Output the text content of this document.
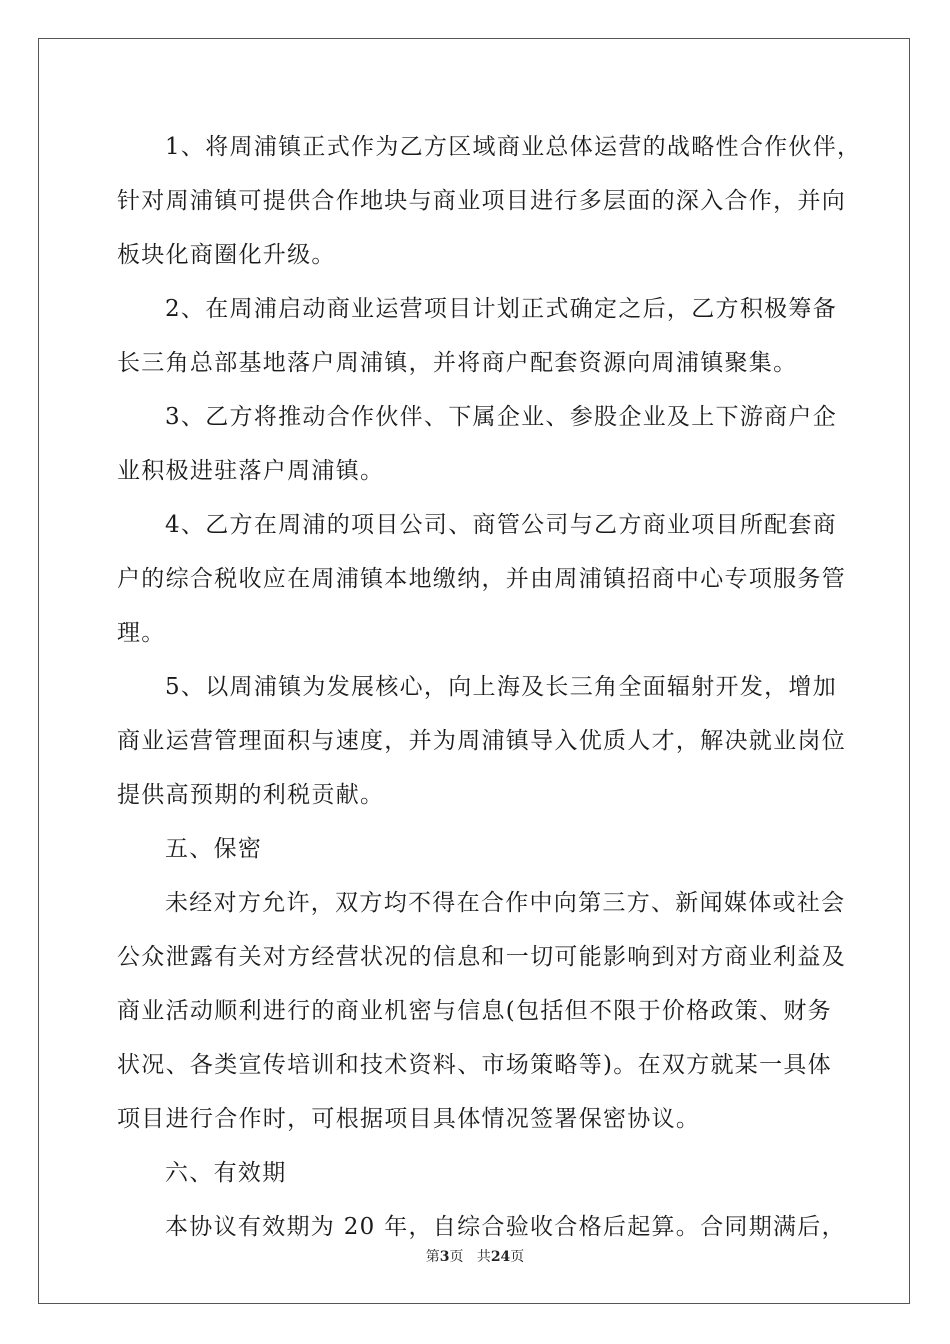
1、将周浦镇正式作为乙方区域商业总体运营的战略性合作伙伴，
针对周浦镇可提供合作地块与商业项目进行多层面的深入合作，并向
板块化商圈化升级。

2、在周浦启动商业运营项目计划正式确定之后，乙方积极筹备
长三角总部基地落户周浦镇，并将商户配套资源向周浦镇聚集。

3、乙方将推动合作伙伴、下属企业、参股企业及上下游商户企
业积极进驻落户周浦镇。

4、乙方在周浦的项目公司、商管公司与乙方商业项目所配套商
户的综合税收应在周浦镇本地缴纳，并由周浦镇招商中心专项服务管
理。

5、以周浦镇为发展核心，向上海及长三角全面辐射开发，增加
商业运营管理面积与速度，并为周浦镇导入优质人才，解决就业岗位
提供高预期的利税贡献。

五、保密

未经对方允许，双方均不得在合作中向第三方、新闻媒体或社会
公众泄露有关对方经营状况的信息和一切可能影响到对方商业利益及
商业活动顺利进行的商业机密与信息(包括但不限于价格政策、财务
状况、各类宣传培训和技术资料、市场策略等)。在双方就某一具体
项目进行合作时，可根据项目具体情况签署保密协议。

六、有效期

本协议有效期为 20 年，自综合验收合格后起算。合同期满后，

第3页 共24页
